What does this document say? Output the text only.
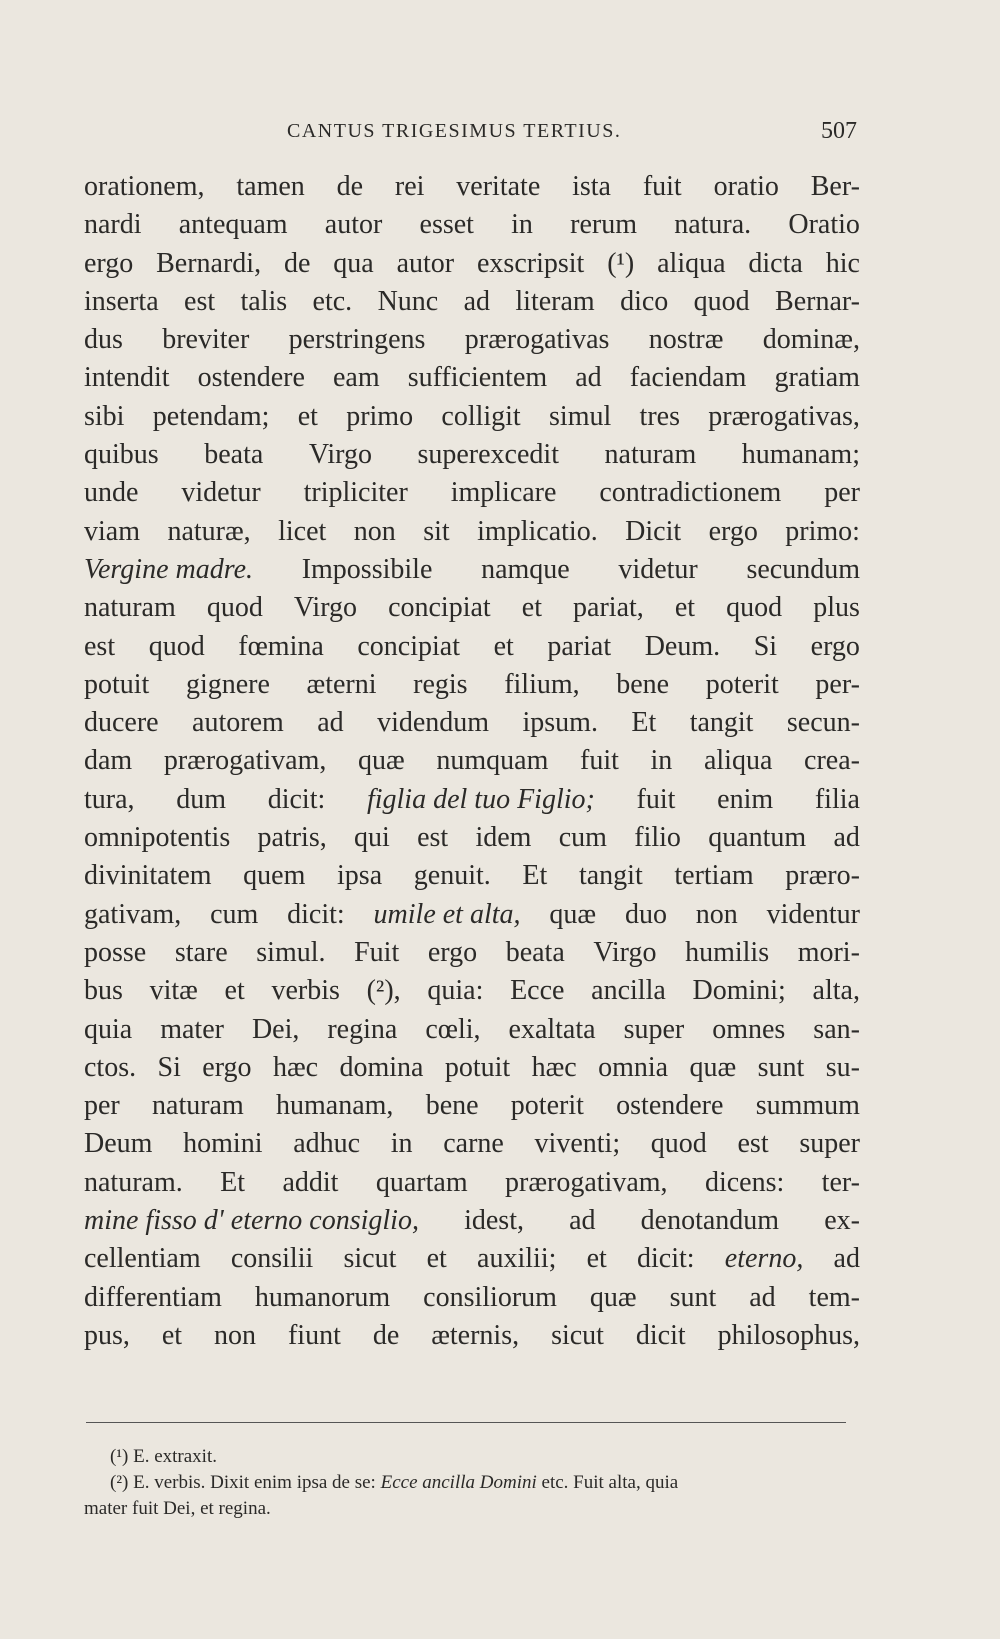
CANTUS TRIGESIMUS TERTIUS.	507
orationem, tamen de rei veritate ista fuit oratio Ber-
nardi antequam autor esset in rerum natura. Oratio
ergo Bernardi, de qua autor exscripsit (¹) aliqua dicta hic
inserta est talis etc. Nunc ad literam dico quod Bernar-
dus breviter perstringens prærogativas nostræ dominæ,
intendit ostendere eam sufficientem ad faciendam gratiam
sibi petendam; et primo colligit simul tres prærogativas,
quibus beata Virgo superexcedit naturam humanam;
unde videtur tripliciter implicare contradictionem per
viam naturæ, licet non sit implicatio. Dicit ergo primo:
Vergine madre. Impossibile namque videtur secundum
naturam quod Virgo concipiat et pariat, et quod plus
est quod fœmina concipiat et pariat Deum. Si ergo
potuit gignere æterni regis filium, bene poterit per-
ducere autorem ad videndum ipsum. Et tangit secun-
dam prærogativam, quæ numquam fuit in aliqua crea-
tura, dum dicit: figlia del tuo Figlio; fuit enim filia
omnipotentis patris, qui est idem cum filio quantum ad
divinitatem quem ipsa genuit. Et tangit tertiam præro-
gativam, cum dicit: umile et alta, quæ duo non videntur
posse stare simul. Fuit ergo beata Virgo humilis mori-
bus vitæ et verbis (²), quia: Ecce ancilla Domini; alta,
quia mater Dei, regina cœli, exaltata super omnes san-
ctos. Si ergo hæc domina potuit hæc omnia quæ sunt su-
per naturam humanam, bene poterit ostendere summum
Deum homini adhuc in carne viventi; quod est super
naturam. Et addit quartam prærogativam, dicens: ter-
mine fisso d' eterno consiglio, idest, ad denotandum ex-
cellentiam consilii sicut et auxilii; et dicit: eterno, ad
differentiam humanorum consiliorum quæ sunt ad tem-
pus, et non fiunt de æternis, sicut dicit philosophus,
(¹) E. extraxit.
(²) E. verbis. Dixit enim ipsa de se: Ecce ancilla Domini etc. Fuit alta, quia
mater fuit Dei, et regina.
